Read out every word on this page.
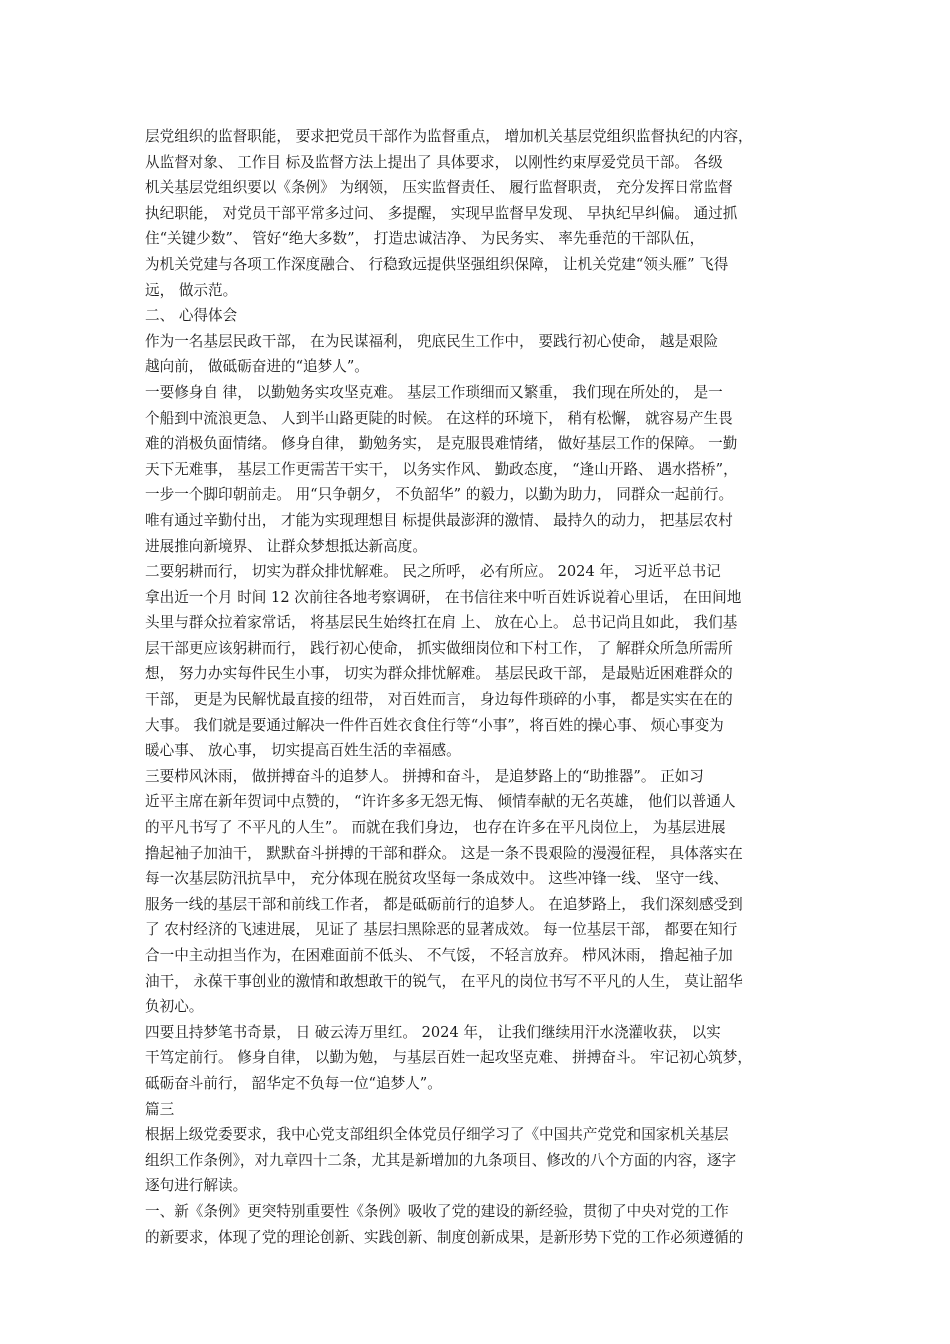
层党组织的监督职能， 要求把党员干部作为监督重点， 增加机关基层党组织监督执纪的内容，
从监督对象、 工作目 标及监督方法上提出了 具体要求， 以刚性约束厚爱党员干部。 各级
机关基层党组织要以《条例》 为纲领， 压实监督责任、 履行监督职责， 充分发挥日常监督
执纪职能， 对党员干部平常多过问、 多提醒， 实现早监督早发现、 早执纪早纠偏。 通过抓
住“关键少数”、 管好“绝大多数”， 打造忠诚洁净、 为民务实、 率先垂范的干部队伍，
为机关党建与各项工作深度融合、 行稳致远提供坚强组织保障， 让机关党建“领头雁” 飞得
远， 做示范。
二、 心得体会
作为一名基层民政干部， 在为民谋福利， 兜底民生工作中， 要践行初心使命， 越是艰险
越向前， 做砥砺奋进的“追梦人”。
一要修身自 律， 以勤勉务实攻坚克难。 基层工作琐细而又繁重， 我们现在所处的， 是一
个船到中流浪更急、 人到半山路更陡的时候。 在这样的环境下， 稍有松懈， 就容易产生畏
难的消极负面情绪。 修身自律， 勤勉务实， 是克服畏难情绪， 做好基层工作的保障。 一勤
天下无难事， 基层工作更需苦干实干， 以务实作风、 勤政态度， “逢山开路、 遇水搭桥”，
一步一个脚印朝前走。 用“只争朝夕， 不负韶华” 的毅力，以勤为助力， 同群众一起前行。
唯有通过辛勤付出， 才能为实现理想目 标提供最澎湃的激情、 最持久的动力， 把基层农村
进展推向新境界、 让群众梦想抵达新高度。
二要躬耕而行， 切实为群众排忧解难。 民之所呼， 必有所应。 2024 年， 习近平总书记
拿出近一个月 时间 12 次前往各地考察调研， 在书信往来中听百姓诉说着心里话， 在田间地
头里与群众拉着家常话， 将基层民生始终扛在肩 上、 放在心上。 总书记尚且如此， 我们基
层干部更应该躬耕而行， 践行初心使命， 抓实做细岗位和下村工作， 了 解群众所急所需所
想， 努力办实每件民生小事， 切实为群众排忧解难。 基层民政干部， 是最贴近困难群众的
干部， 更是为民解忧最直接的纽带， 对百姓而言， 身边每件琐碎的小事， 都是实实在在的
大事。 我们就是要通过解决一件件百姓衣食住行等“小事”，将百姓的操心事、 烦心事变为
暖心事、 放心事， 切实提高百姓生活的幸福感。
三要栉风沐雨， 做拼搏奋斗的追梦人。 拼搏和奋斗， 是追梦路上的“助推器”。 正如习
近平主席在新年贺词中点赞的， “许许多多无怨无悔、 倾情奉献的无名英雄， 他们以普通人
的平凡书写了 不平凡的人生”。 而就在我们身边， 也存在许多在平凡岗位上， 为基层进展
撸起袖子加油干， 默默奋斗拼搏的干部和群众。 这是一条不畏艰险的漫漫征程， 具体落实在
每一次基层防汛抗旱中， 充分体现在脱贫攻坚每一条成效中。 这些冲锋一线、 坚守一线、
服务一线的基层干部和前线工作者， 都是砥砺前行的追梦人。 在追梦路上， 我们深刻感受到
了 农村经济的飞速进展， 见证了 基层扫黑除恶的显著成效。 每一位基层干部， 都要在知行
合一中主动担当作为，在困难面前不低头、 不气馁， 不轻言放弃。 栉风沐雨， 撸起袖子加
油干， 永葆干事创业的激情和敢想敢干的锐气， 在平凡的岗位书写不平凡的人生， 莫让韶华
负初心。
四要且持梦笔书奇景， 日 破云涛万里红。 2024 年， 让我们继续用汗水浇灌收获， 以实
干笃定前行。 修身自律， 以勤为勉， 与基层百姓一起攻坚克难、 拼搏奋斗。 牢记初心筑梦，
砥砺奋斗前行， 韶华定不负每一位“追梦人”。
篇三
根据上级党委要求，我中心党支部组织全体党员仔细学习了《中国共产党党和国家机关基层
组织工作条例》，对九章四十二条，尤其是新增加的九条项目、修改的八个方面的内容，逐字
逐句进行解读。
一、新《条例》更突特别重要性《条例》吸收了党的建设的新经验，贯彻了中央对党的工作
的新要求，体现了党的理论创新、实践创新、制度创新成果，是新形势下党的工作必须遵循的
